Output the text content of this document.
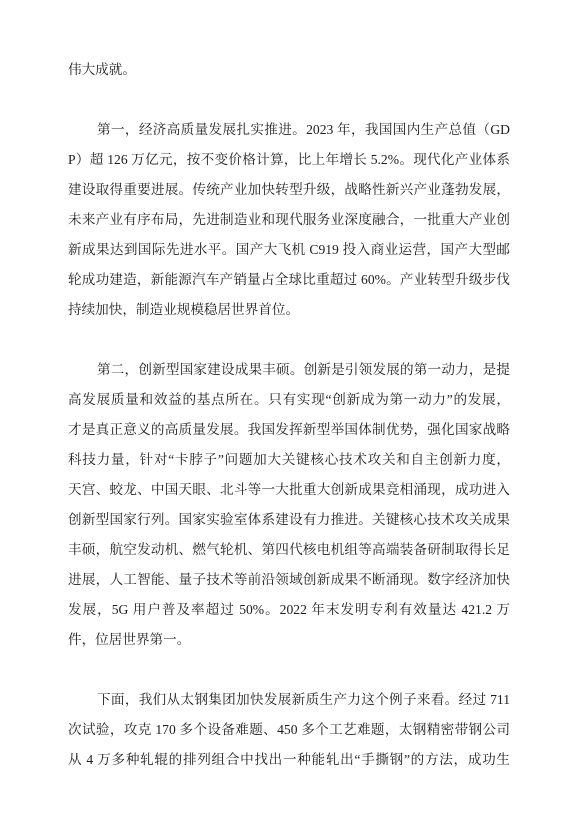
伟大成就。
第一，经济高质量发展扎实推进。2023 年，我国国内生产总值（GD
P）超 126 万亿元，按不变价格计算，比上年增长 5.2%。现代化产业体系
建设取得重要进展。传统产业加快转型升级，战略性新兴产业蓬勃发展，
未来产业有序布局，先进制造业和现代服务业深度融合，一批重大产业创
新成果达到国际先进水平。国产大飞机 C919 投入商业运营，国产大型邮
轮成功建造，新能源汽车产销量占全球比重超过 60%。产业转型升级步伐
持续加快，制造业规模稳居世界首位。
第二，创新型国家建设成果丰硕。创新是引领发展的第一动力，是提
高发展质量和效益的基点所在。只有实现“创新成为第一动力”的发展，
才是真正意义的高质量发展。我国发挥新型举国体制优势，强化国家战略
科技力量，针对“卡脖子”问题加大关键核心技术攻关和自主创新力度，
天宫、蛟龙、中国天眼、北斗等一大批重大创新成果竞相涌现，成功进入
创新型国家行列。国家实验室体系建设有力推进。关键核心技术攻关成果
丰硕，航空发动机、燃气轮机、第四代核电机组等高端装备研制取得长足
进展，人工智能、量子技术等前沿领域创新成果不断涌现。数字经济加快
发展，5G 用户普及率超过 50%。2022 年末发明专利有效量达 421.2 万
件，位居世界第一。
下面，我们从太钢集团加快发展新质生产力这个例子来看。经过 711
次试验，攻克 170 多个设备难题、450 多个工艺难题，太钢精密带钢公司
从 4 万多种轧辊的排列组合中找出一种能轧出“手撕钢”的方法，成功生
